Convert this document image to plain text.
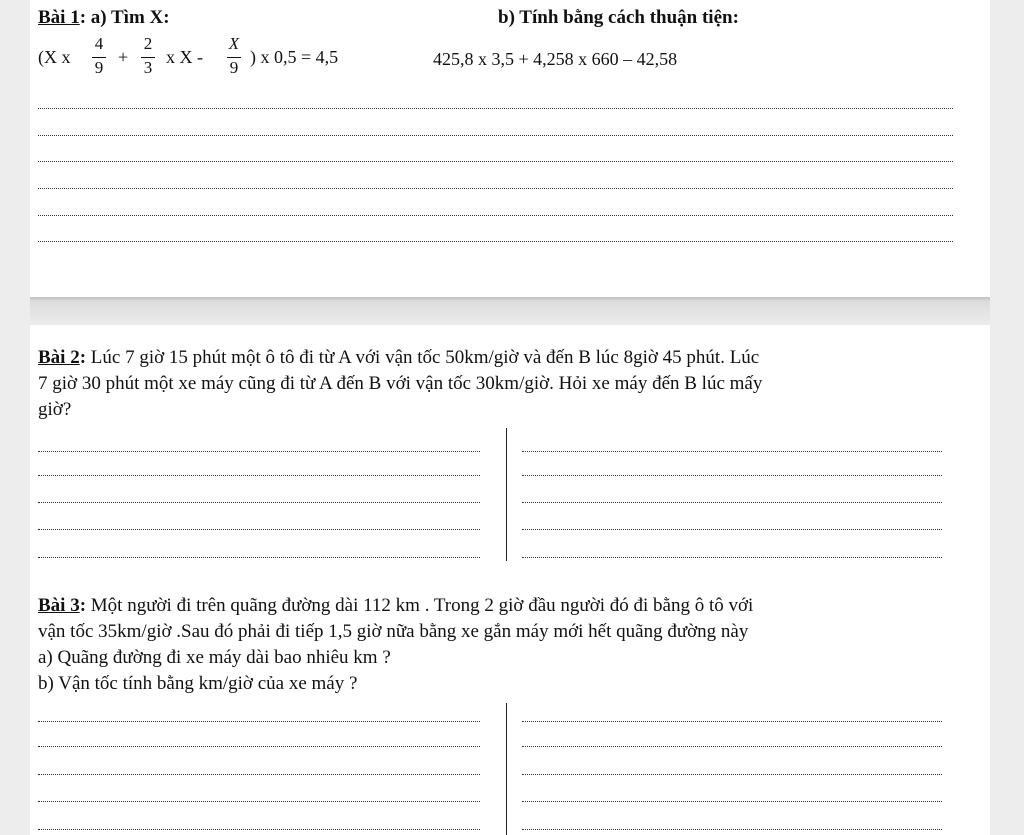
Bài 1: a) Tìm X:	b) Tính bằng cách thuận tiện:
(X x
4
9
+
2
3
x X -
X
9
) x 0,5 = 4,5	425,8 x 3,5 + 4,258 x 660 – 42,58
Bài 2: Lúc 7 giờ 15 phút một ô tô đi từ A với vận tốc 50km/giờ và đến B lúc 8giờ 45 phút. Lúc
7 giờ 30 phút một xe máy cũng đi từ A đến B với vận tốc 30km/giờ. Hỏi xe máy đến B lúc mấy
giờ?
Bài 3: Một người đi trên quãng đường dài 112 km . Trong 2 giờ đầu người đó đi bằng ô tô với
vận tốc 35km/giờ .Sau đó phải đi tiếp 1,5 giờ nữa bằng xe gắn máy mới hết quãng đường này
a) Quãng đường đi xe máy dài bao nhiêu km ?
b) Vận tốc tính bằng km/giờ của xe máy ?
